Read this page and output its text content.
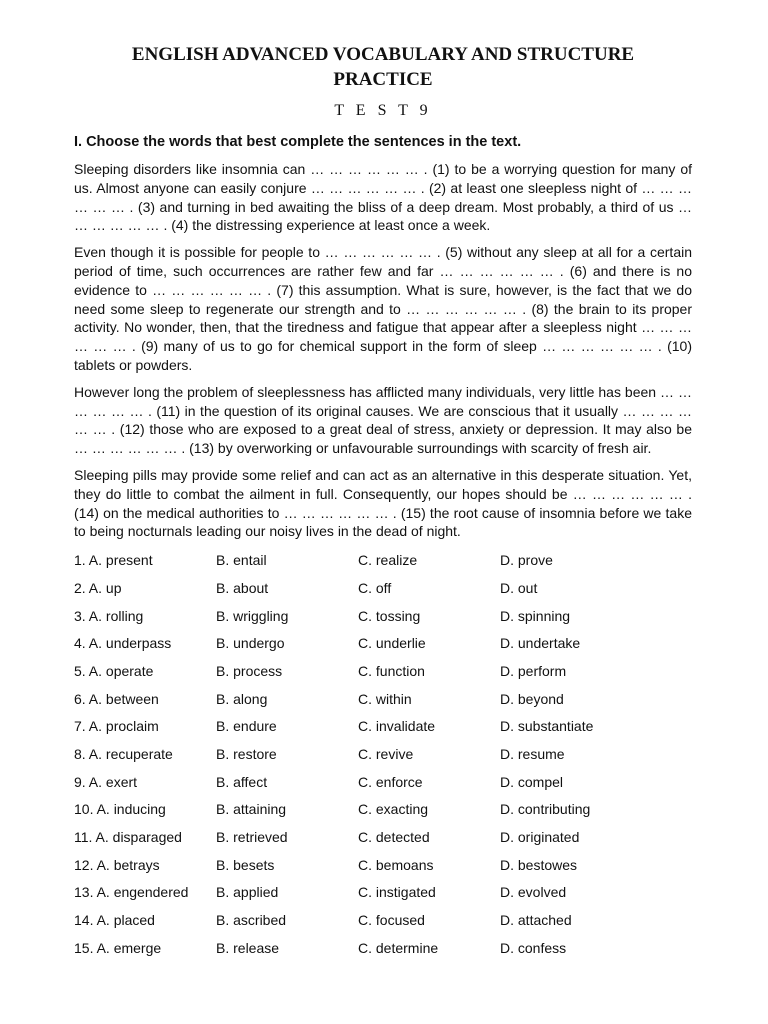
ENGLISH ADVANCED VOCABULARY AND STRUCTURE
PRACTICE
T E S T 9
I. Choose the words that best complete the sentences in the text.

Sleeping disorders like insomnia can … … … … … … . (1) to be a worrying question for many of us. Almost anyone can easily conjure … … … … … … . (2) at least one sleepless night of … … … … … … . (3) and turning in bed awaiting the bliss of a deep dream. Most probably, a third of us … … … … … … . (4) the distressing experience at least once a week.

Even though it is possible for people to … … … … … … . (5) without any sleep at all for a certain period of time, such occurrences are rather few and far … … … … … … . (6) and there is no evidence to … … … … … … . (7) this assumption. What is sure, however, is the fact that we do need some sleep to regenerate our strength and to … … … … … … . (8) the brain to its proper activity. No wonder, then, that the tiredness and fatigue that appear after a sleepless night … … … … … … . (9) many of us to go for chemical support in the form of sleep … … … … … … . (10) tablets or powders.

However long the problem of sleeplessness has afflicted many individuals, very little has been … … … … … … . (11) in the question of its original causes. We are conscious that it usually … … … … … … . (12) those who are exposed to a great deal of stress, anxiety or depression. It may also be … … … … … … . (13) by overworking or unfavourable surroundings with scarcity of fresh air.

Sleeping pills may provide some relief and can act as an alternative in this desperate situation. Yet, they do little to combat the ailment in full. Consequently, our hopes should be … … … … … … . (14) on the medical authorities to … … … … … … . (15) the root cause of insomnia before we take to being nocturnals leading our noisy lives in the dead of night.

1. A. present	B. entail	C. realize	D. prove
2. A. up	B. about	C. off	D. out
3. A. rolling	B. wriggling	C. tossing	D. spinning
4. A. underpass	B. undergo	C. underlie	D. undertake
5. A. operate	B. process	C. function	D. perform
6. A. between	B. along	C. within	D. beyond
7. A. proclaim	B. endure	C. invalidate	D. substantiate
8. A. recuperate	B. restore	C. revive	D. resume
9. A. exert	B. affect	C. enforce	D. compel
10. A. inducing	B. attaining	C. exacting	D. contributing
11. A. disparaged	B. retrieved	C. detected	D. originated
12. A. betrays	B. besets	C. bemoans	D. bestowes
13. A. engendered	B. applied	C. instigated	D. evolved
14. A. placed	B. ascribed	C. focused	D. attached
15. A. emerge	B. release	C. determine	D. confess
